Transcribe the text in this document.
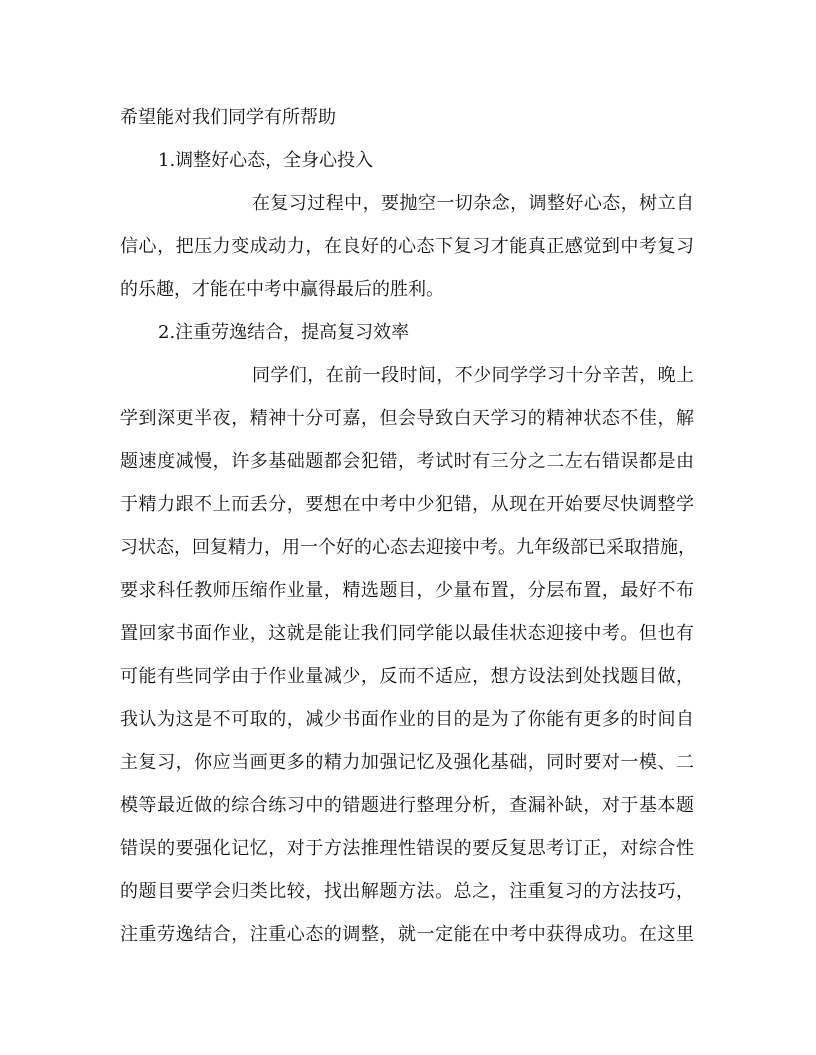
希望能对我们同学有所帮助
1.调整好心态，全身心投入
在复习过程中，要抛空一切杂念，调整好心态，树立自
信心，把压力变成动力，在良好的心态下复习才能真正感觉到中考复习
的乐趣，才能在中考中赢得最后的胜利。
2.注重劳逸结合，提高复习效率
同学们，在前一段时间，不少同学学习十分辛苦，晚上
学到深更半夜，精神十分可嘉，但会导致白天学习的精神状态不佳，解
题速度减慢，许多基础题都会犯错，考试时有三分之二左右错误都是由
于精力跟不上而丢分，要想在中考中少犯错，从现在开始要尽快调整学
习状态，回复精力，用一个好的心态去迎接中考。九年级部已采取措施，
要求科任教师压缩作业量，精选题目，少量布置，分层布置，最好不布
置回家书面作业，这就是能让我们同学能以最佳状态迎接中考。但也有
可能有些同学由于作业量减少，反而不适应，想方设法到处找题目做，
我认为这是不可取的，减少书面作业的目的是为了你能有更多的时间自
主复习，你应当画更多的精力加强记忆及强化基础，同时要对一模、二
模等最近做的综合练习中的错题进行整理分析，查漏补缺，对于基本题
错误的要强化记忆，对于方法推理性错误的要反复思考订正，对综合性
的题目要学会归类比较，找出解题方法。总之，注重复习的方法技巧，
注重劳逸结合，注重心态的调整，就一定能在中考中获得成功。在这里
